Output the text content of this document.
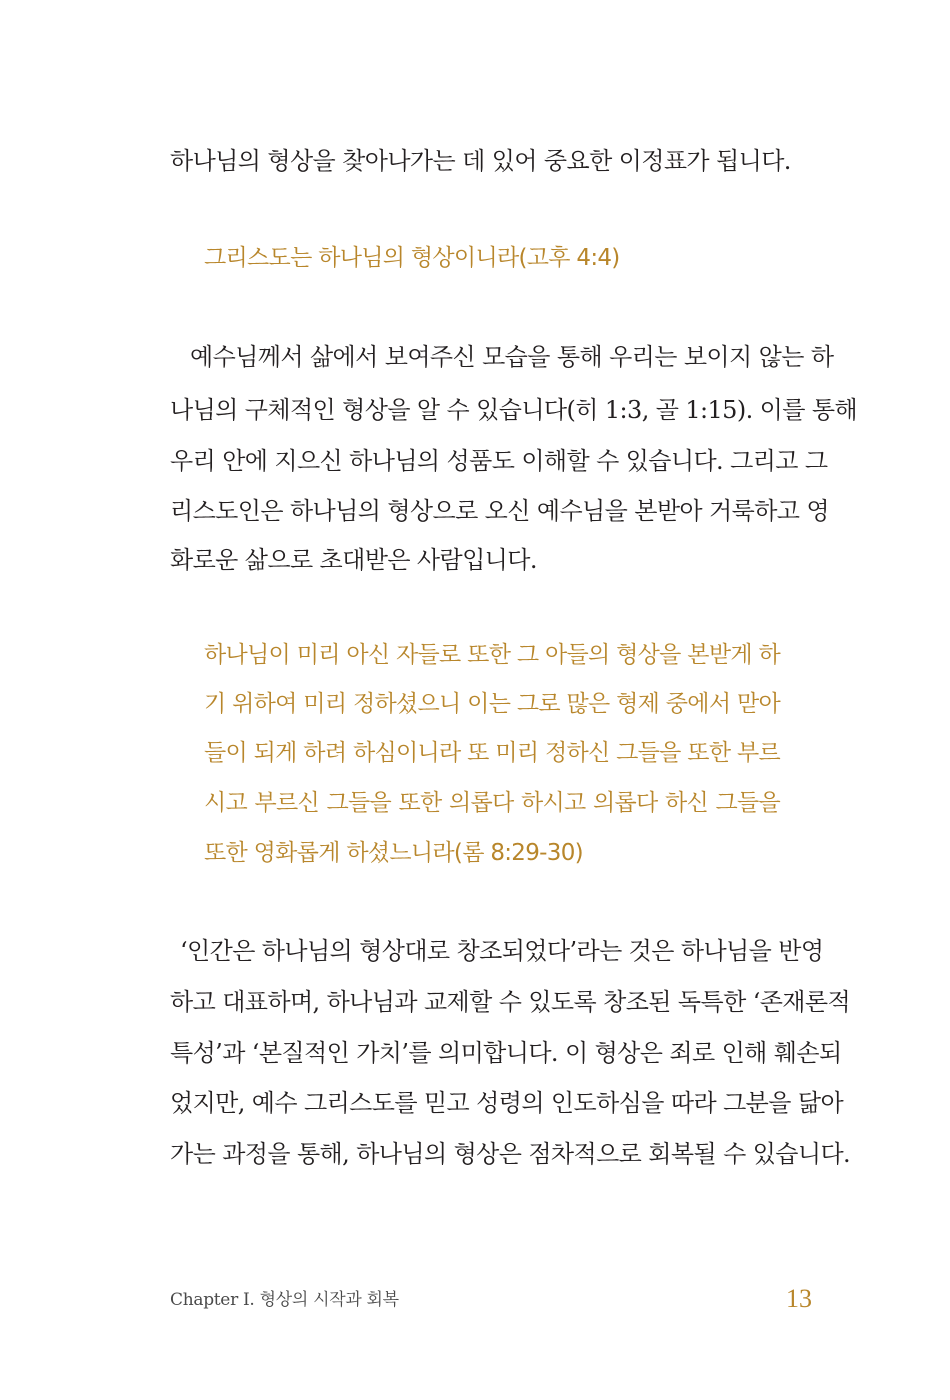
하나님의 형상을 찾아나가는 데 있어 중요한 이정표가 됩니다.
그리스도는 하나님의 형상이니라(고후 4:4)
예수님께서 삶에서 보여주신 모습을 통해 우리는 보이지 않는 하
나님의 구체적인 형상을 알 수 있습니다(히 1:3, 골 1:15). 이를 통해
우리 안에 지으신 하나님의 성품도 이해할 수 있습니다. 그리고 그
리스도인은 하나님의 형상으로 오신 예수님을 본받아 거룩하고 영
화로운 삶으로 초대받은 사람입니다.
하나님이 미리 아신 자들로 또한 그 아들의 형상을 본받게 하
기 위하여 미리 정하셨으니 이는 그로 많은 형제 중에서 맏아
들이 되게 하려 하심이니라 또 미리 정하신 그들을 또한 부르
시고 부르신 그들을 또한 의롭다 하시고 의롭다 하신 그들을
또한 영화롭게 하셨느니라(롬 8:29-30)
‘인간은 하나님의 형상대로 창조되었다’라는 것은 하나님을 반영
하고 대표하며, 하나님과 교제할 수 있도록 창조된 독특한 ‘존재론적
특성’과 ‘본질적인 가치’를 의미합니다. 이 형상은 죄로 인해 훼손되
었지만, 예수 그리스도를 믿고 성령의 인도하심을 따라 그분을 닮아
가는 과정을 통해, 하나님의 형상은 점차적으로 회복될 수 있습니다.
Chapter Ⅰ. 형상의 시작과 회복	13
